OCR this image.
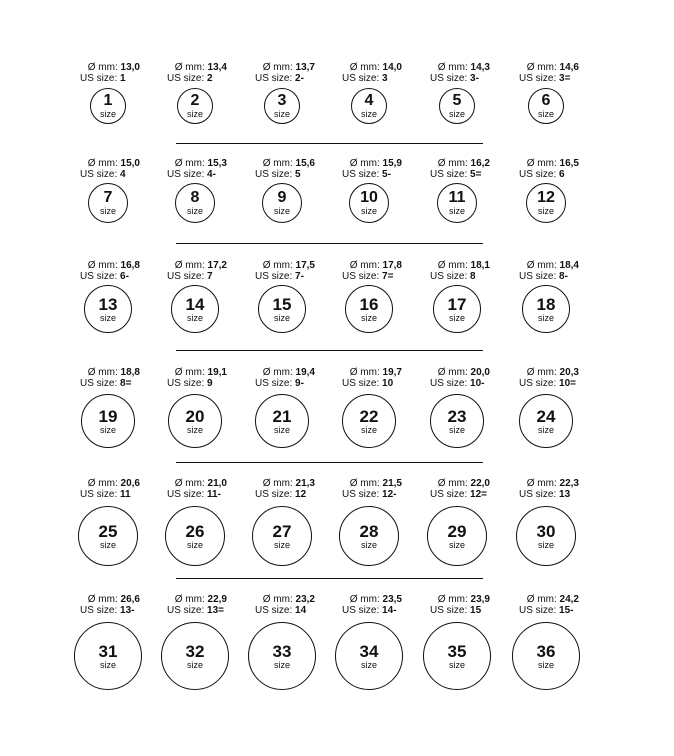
Ø mm: 13,0
US size: 1
1
size
Ø mm: 13,4
US size: 2
2
size
Ø mm: 13,7
US size: 2-
3
size
Ø mm: 14,0
US size: 3
4
size
Ø mm: 14,3
US size: 3-
5
size
Ø mm: 14,6
US size: 3=
6
size
Ø mm: 15,0
US size: 4
7
size
Ø mm: 15,3
US size: 4-
8
size
Ø mm: 15,6
US size: 5
9
size
Ø mm: 15,9
US size: 5-
10
size
Ø mm: 16,2
US size: 5=
11
size
Ø mm: 16,5
US size: 6
12
size
Ø mm: 16,8
US size: 6-
13
size
Ø mm: 17,2
US size: 7
14
size
Ø mm: 17,5
US size: 7-
15
size
Ø mm: 17,8
US size: 7=
16
size
Ø mm: 18,1
US size: 8
17
size
Ø mm: 18,4
US size: 8-
18
size
Ø mm: 18,8
US size: 8=
19
size
Ø mm: 19,1
US size: 9
20
size
Ø mm: 19,4
US size: 9-
21
size
Ø mm: 19,7
US size: 10
22
size
Ø mm: 20,0
US size: 10-
23
size
Ø mm: 20,3
US size: 10=
24
size
Ø mm: 20,6
US size: 11
25
size
Ø mm: 21,0
US size: 11-
26
size
Ø mm: 21,3
US size: 12
27
size
Ø mm: 21,5
US size: 12-
28
size
Ø mm: 22,0
US size: 12=
29
size
Ø mm: 22,3
US size: 13
30
size
Ø mm: 26,6
US size: 13-
31
size
Ø mm: 22,9
US size: 13=
32
size
Ø mm: 23,2
US size: 14
33
size
Ø mm: 23,5
US size: 14-
34
size
Ø mm: 23,9
US size: 15
35
size
Ø mm: 24,2
US size: 15-
36
size
